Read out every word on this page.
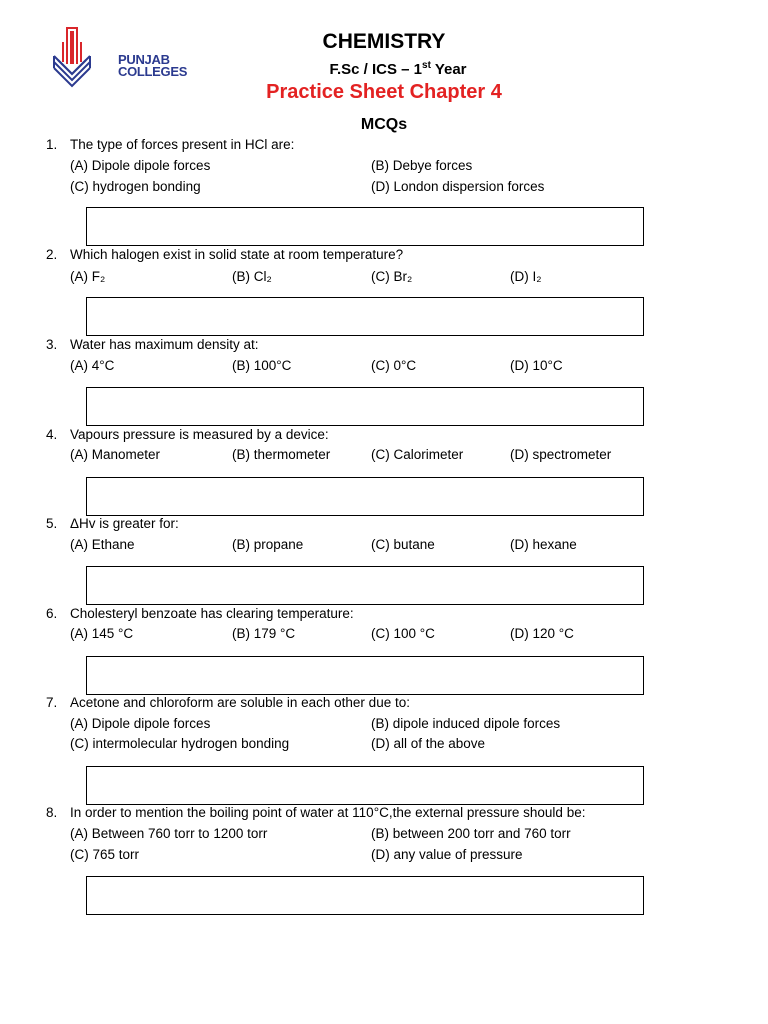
PUNJAB
COLLEGES
CHEMISTRY
F.Sc / ICS – 1st Year
Practice Sheet Chapter 4
MCQs
1. The type of forces present in HCl are:
(A) Dipole dipole forces	(B) Debye forces
(C) hydrogen bonding	(D) London dispersion forces
2. Which halogen exist in solid state at room temperature?
(A) F₂	(B) Cl₂	(C) Br₂	(D) I₂
3. Water has maximum density at:
(A) 4°C	(B) 100°C	(C) 0°C	(D) 10°C
4. Vapours pressure is measured by a device:
(A) Manometer	(B) thermometer	(C) Calorimeter	(D) spectrometer
5. ΔHv is greater for:
(A) Ethane	(B) propane	(C) butane	(D) hexane
6. Cholesteryl benzoate has clearing temperature:
(A) 145 °C	(B) 179 °C	(C) 100 °C	(D) 120 °C
7. Acetone and chloroform are soluble in each other due to:
(A) Dipole dipole forces	(B) dipole induced dipole forces
(C) intermolecular hydrogen bonding	(D) all of the above
8. In order to mention the boiling point of water at 110°C,the external pressure should be:
(A) Between 760 torr to 1200 torr	(B) between 200 torr and 760 torr
(C) 765 torr	(D) any value of pressure
